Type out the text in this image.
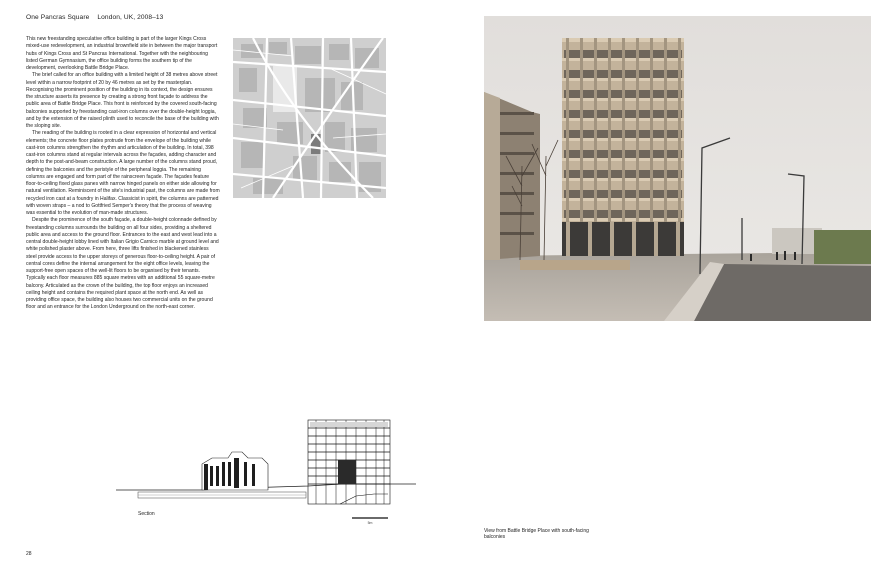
One Pancras Square London, UK, 2008–13

This new freestanding speculative office building is part of the larger Kings Cross mixed-use redevelopment, an industrial brownfield site in between the major transport hubs of Kings Cross and St Pancras International. Together with the neighbouring listed German Gymnasium, the office building forms the southern tip of the development, overlooking Battle Bridge Place.

The brief called for an office building with a limited height of 38 metres above street level within a narrow footprint of 20 by 46 metres as set by the masterplan. Recognising the prominent position of the building in its context, the design ensures the structure asserts its presence by creating a strong front façade to address the public area of Battle Bridge Place. This front is reinforced by the covered south-facing balconies supported by freestanding cast-iron columns over the double-height loggia, and by the extension of the raised plinth used to reconcile the base of the building with the sloping site.

The reading of the building is rooted in a clear expression of horizontal and vertical elements; the concrete floor plates protrude from the envelope of the building while cast-iron columns strengthen the rhythm and articulation of the building. In total, 398 cast-iron columns stand at regular intervals across the façades, adding character and depth to the post-and-beam construction. A large number of the columns stand proud, defining the balconies and the peristyle of the peripheral loggia. The remaining columns are engaged and form part of the rainscreen façade. The façades feature floor-to-ceiling fixed glass panes with narrow hinged panels on either side allowing for natural ventilation. Reminiscent of the site's industrial past, the columns are made from recycled iron cast at a foundry in Halifax. Classicist in spirit, the columns are patterned with woven straps – a nod to Gottfried Semper's theory that the process of weaving was essential to the evolution of man-made structures.

Despite the prominence of the south façade, a double-height colonnade defined by freestanding columns surrounds the building on all four sides, providing a sheltered public area and access to the ground floor. Entrances to the east and west lead into a central double-height lobby lined with Italian Grigio Carnico marble at ground level and white polished plaster above. From here, three lifts finished in blackened stainless steel provide access to the upper storeys of generous floor-to-ceiling height. A pair of central cores define the internal arrangement for the eight office levels, leaving the support-free open spaces of the well-lit floors to be organised by their tenants. Typically each floor measures 885 square metres with an additional 55 square-metre balcony. Articulated as the crown of the building, the top floor enjoys an increased ceiling height and contains the required plant space at the north end. As well as providing office space, the building also houses two commercial units on the ground floor and an entrance for the London Underground on the north-east corner.

5m
Section
View from Battle Bridge Place with south-facing balconies
28
